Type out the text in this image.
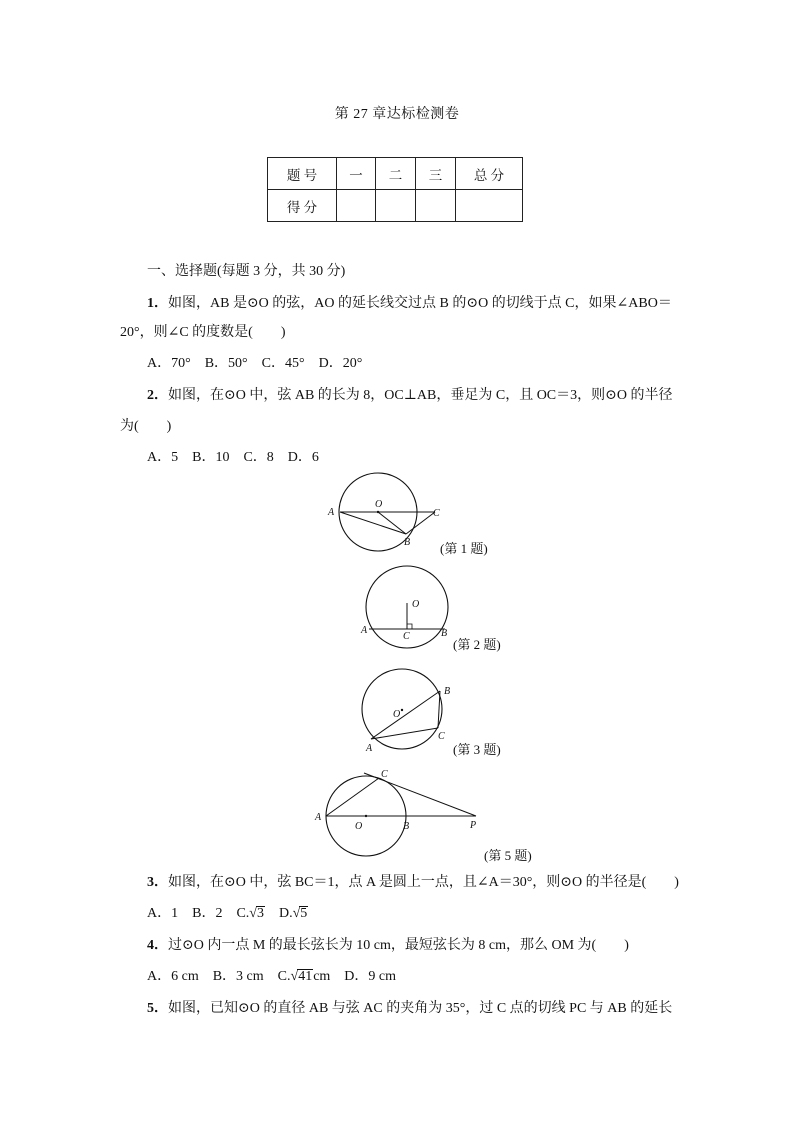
第 27 章达标检测卷
题 号	一	二	三	总 分
得 分				
一、选择题(每题 3 分，共 30 分)
1．如图，AB 是⊙O 的弦，AO 的延长线交过点 B 的⊙O 的切线于点 C，如果∠ABO＝
20°，则∠C 的度数是(　　)
A．70°　B．50°　C．45°　D．20°
2．如图，在⊙O 中，弦 AB 的长为 8，OC⊥AB，垂足为 C，且 OC＝3，则⊙O 的半径
为(　　)
A．5　B．10　C．8　D．6
A
O
B
C
(第 1 题)
O
A
C	B
(第 2 题)
O
B
C
A	(第 3 题)
A
O	B
C
P
(第 5 题)
3．如图，在⊙O 中，弦 BC＝1，点 A 是圆上一点，且∠A＝30°，则⊙O 的半径是(　　)
A．1　B．2　C.√3　D.√5
4．过⊙O 内一点 M 的最长弦长为 10 cm，最短弦长为 8 cm，那么 OM 为(　　)
A．6 cm　B．3 cm　C.√41cm　D．9 cm
5．如图，已知⊙O 的直径 AB 与弦 AC 的夹角为 35°，过 C 点的切线 PC 与 AB 的延长
